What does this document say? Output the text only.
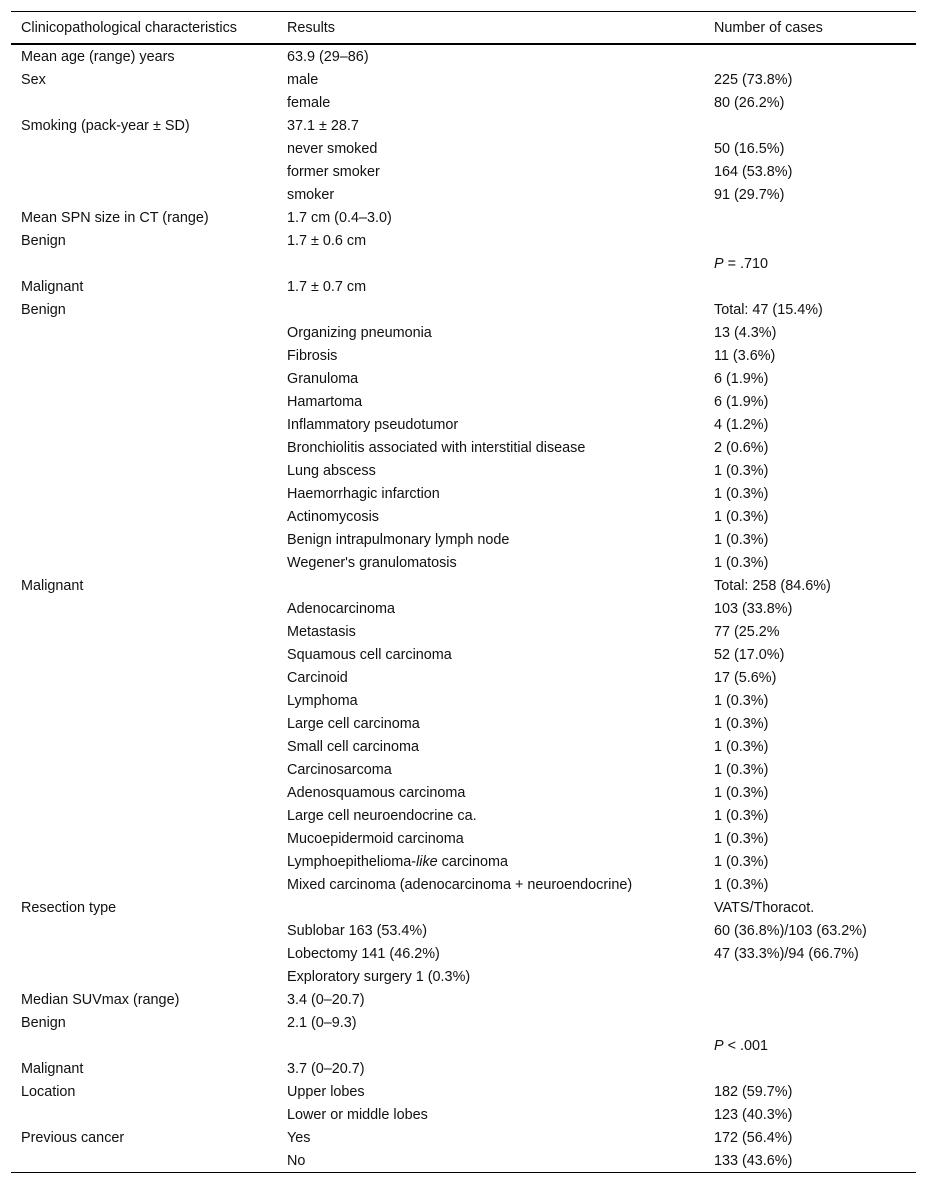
Clinicopathological characteristics	Results	Number of cases
Mean age (range) years	63.9 (29–86)	
Sex	male	225 (73.8%)
	female	80 (26.2%)
Smoking (pack-year ± SD)	37.1 ± 28.7	
	never smoked	50 (16.5%)
	former smoker	164 (53.8%)
	smoker	91 (29.7%)
Mean SPN size in CT (range)	1.7 cm (0.4–3.0)	
Benign	1.7 ± 0.6 cm	
		P = .710
Malignant	1.7 ± 0.7 cm	
Benign		Total: 47 (15.4%)
	Organizing pneumonia	13 (4.3%)
	Fibrosis	11 (3.6%)
	Granuloma	6 (1.9%)
	Hamartoma	6 (1.9%)
	Inflammatory pseudotumor	4 (1.2%)
	Bronchiolitis associated with interstitial disease	2 (0.6%)
	Lung abscess	1 (0.3%)
	Haemorrhagic infarction	1 (0.3%)
	Actinomycosis	1 (0.3%)
	Benign intrapulmonary lymph node	1 (0.3%)
	Wegener's granulomatosis	1 (0.3%)
Malignant		Total: 258 (84.6%)
	Adenocarcinoma	103 (33.8%)
	Metastasis	77 (25.2%
	Squamous cell carcinoma	52 (17.0%)
	Carcinoid	17 (5.6%)
	Lymphoma	1 (0.3%)
	Large cell carcinoma	1 (0.3%)
	Small cell carcinoma	1 (0.3%)
	Carcinosarcoma	1 (0.3%)
	Adenosquamous carcinoma	1 (0.3%)
	Large cell neuroendocrine ca.	1 (0.3%)
	Mucoepidermoid carcinoma	1 (0.3%)
	Lymphoepithelioma-like carcinoma	1 (0.3%)
	Mixed carcinoma (adenocarcinoma + neuroendocrine)	1 (0.3%)
Resection type		VATS/Thoracot.
	Sublobar 163 (53.4%)	60 (36.8%)/103 (63.2%)
	Lobectomy 141 (46.2%)	47 (33.3%)/94 (66.7%)
	Exploratory surgery 1 (0.3%)	
Median SUVmax (range)	3.4 (0–20.7)	
Benign	2.1 (0–9.3)	
		P < .001
Malignant	3.7 (0–20.7)	
Location	Upper lobes	182 (59.7%)
	Lower or middle lobes	123 (40.3%)
Previous cancer	Yes	172 (56.4%)
	No	133 (43.6%)
